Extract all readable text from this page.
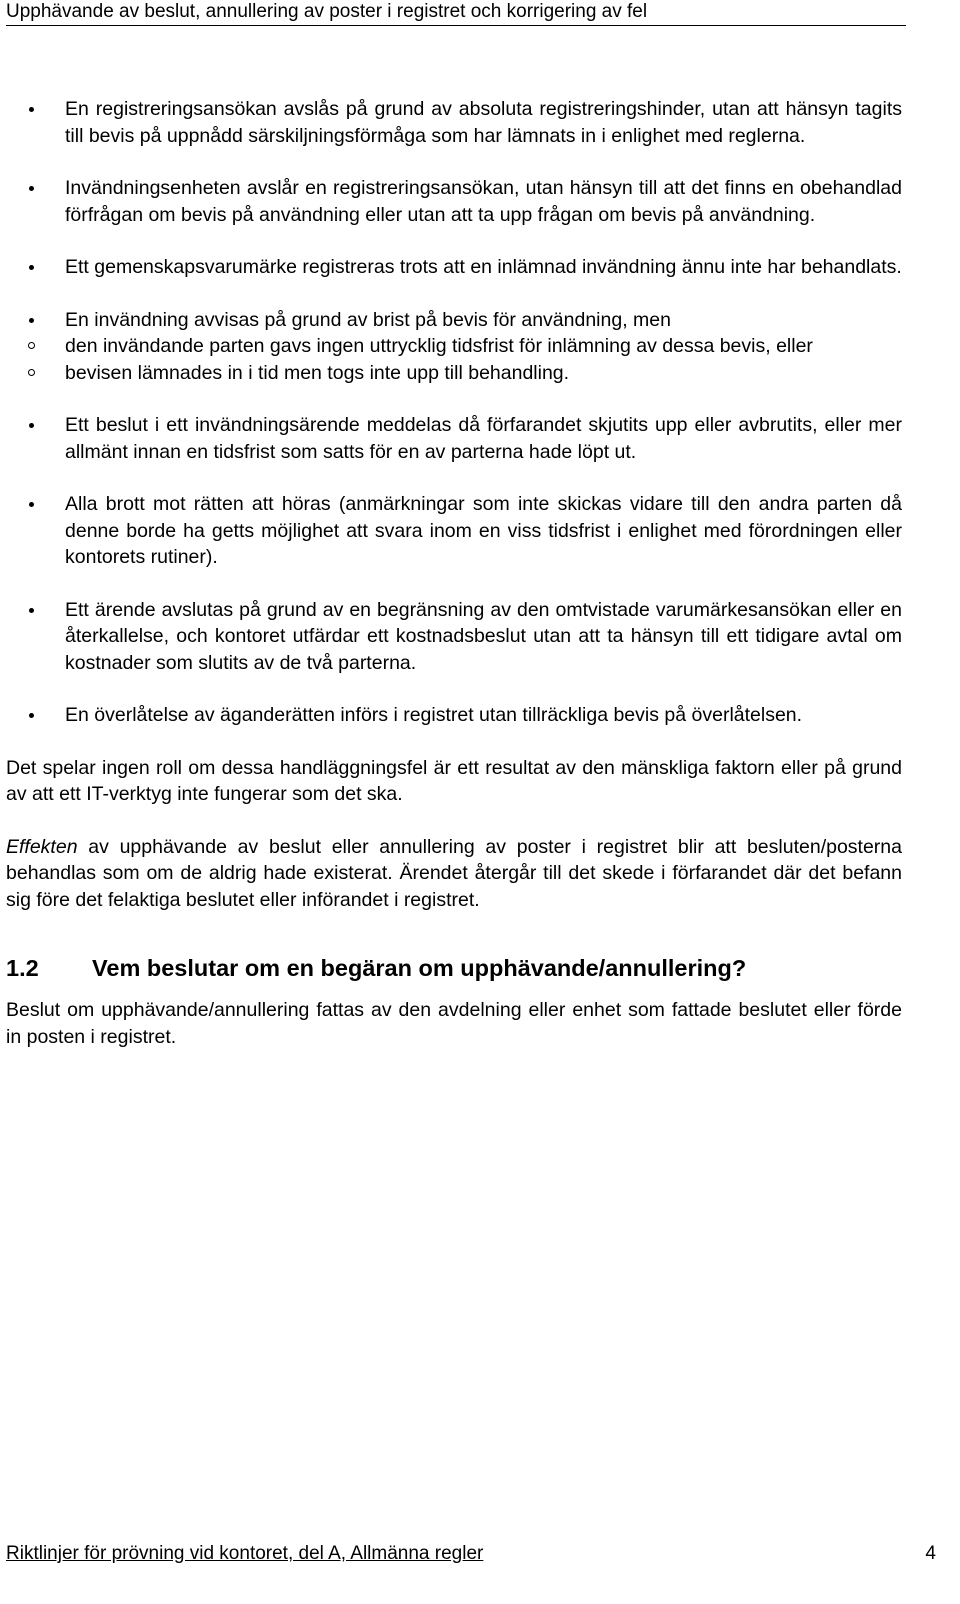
Upphävande av beslut, annullering av poster i registret och korrigering av fel
En registreringsansökan avslås på grund av absoluta registreringshinder, utan att hänsyn tagits till bevis på uppnådd särskiljningsförmåga som har lämnats in i enlighet med reglerna.
Invändningsenheten avslår en registreringsansökan, utan hänsyn till att det finns en obehandlad förfrågan om bevis på användning eller utan att ta upp frågan om bevis på användning.
Ett gemenskapsvarumärke registreras trots att en inlämnad invändning ännu inte har behandlats.
En invändning avvisas på grund av brist på bevis för användning, men
den invändande parten gavs ingen uttrycklig tidsfrist för inlämning av dessa bevis, eller
bevisen lämnades in i tid men togs inte upp till behandling.
Ett beslut i ett invändningsärende meddelas då förfarandet skjutits upp eller avbrutits, eller mer allmänt innan en tidsfrist som satts för en av parterna hade löpt ut.
Alla brott mot rätten att höras (anmärkningar som inte skickas vidare till den andra parten då denne borde ha getts möjlighet att svara inom en viss tidsfrist i enlighet med förordningen eller kontorets rutiner).
Ett ärende avslutas på grund av en begränsning av den omtvistade varumärkesansökan eller en återkallelse, och kontoret utfärdar ett kostnadsbeslut utan att ta hänsyn till ett tidigare avtal om kostnader som slutits av de två parterna.
En överlåtelse av äganderätten införs i registret utan tillräckliga bevis på överlåtelsen.

Det spelar ingen roll om dessa handläggningsfel är ett resultat av den mänskliga faktorn eller på grund av att ett IT-verktyg inte fungerar som det ska.

Effekten av upphävande av beslut eller annullering av poster i registret blir att besluten/posterna behandlas som om de aldrig hade existerat. Ärendet återgår till det skede i förfarandet där det befann sig före det felaktiga beslutet eller införandet i registret.

1.2	Vem beslutar om en begäran om upphävande/annullering?

Beslut om upphävande/annullering fattas av den avdelning eller enhet som fattade beslutet eller förde in posten i registret.

Riktlinjer för prövning vid kontoret, del A, Allmänna regler	4
